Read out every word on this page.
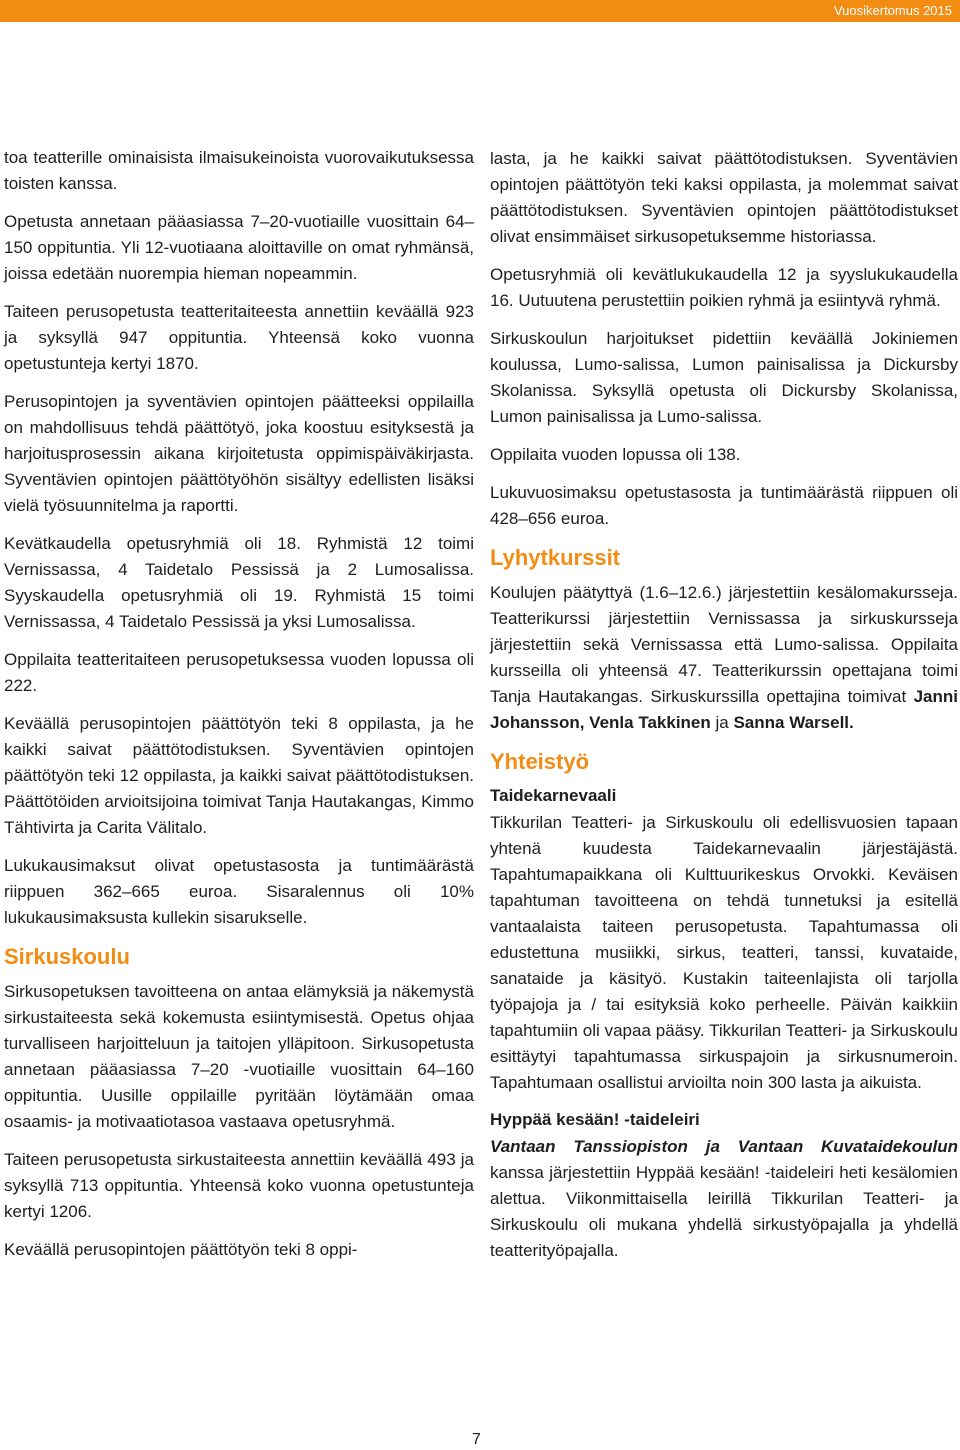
Vuosikertomus 2015

toa teatterille ominaisista ilmaisukeinoista vuorovaikutuksessa toisten kanssa.

Opetusta annetaan pääasiassa 7–20-vuotiaille vuosittain 64–150 oppituntia. Yli 12-vuotiaana aloittaville on omat ryhmänsä, joissa edetään nuorempia hieman nopeammin.

Taiteen perusopetusta teatteritaiteesta annettiin keväällä 923 ja syksyllä 947 oppituntia. Yhteensä koko vuonna opetustunteja kertyi 1870.

Perusopintojen ja syventävien opintojen päätteeksi oppilailla on mahdollisuus tehdä päättötyö, joka koostuu esityksestä ja harjoitusprosessin aikana kirjoitetusta oppimispäiväkirjasta. Syventävien opintojen päättötyöhön sisältyy edellisten lisäksi vielä työsuunnitelma ja raportti.

Kevätkaudella opetusryhmiä oli 18. Ryhmistä 12 toimi Vernissassa, 4 Taidetalo Pessissä ja 2 Lumosalissa. Syyskaudella opetusryhmiä oli 19. Ryhmistä 15 toimi Vernissassa, 4 Taidetalo Pessissä ja yksi Lumosalissa.

Oppilaita teatteritaiteen perusopetuksessa vuoden lopussa oli 222.

Keväällä perusopintojen päättötyön teki 8 oppilasta, ja he kaikki saivat päättötodistuksen. Syventävien opintojen päättötyön teki 12 oppilasta, ja kaikki saivat päättötodistuksen. Päättötöiden arvioitsijoina toimivat Tanja Hautakangas, Kimmo Tähtivirta ja Carita Välitalo.

Lukukausimaksut olivat opetustasosta ja tuntimäärästä riippuen 362–665 euroa. Sisaralennus oli 10% lukukausimaksusta kullekin sisarukselle.

Sirkuskoulu

Sirkusopetuksen tavoitteena on antaa elämyksiä ja näkemystä sirkustaiteesta sekä kokemusta esiintymisestä. Opetus ohjaa turvalliseen harjoitteluun ja taitojen ylläpitoon. Sirkusopetusta annetaan pääasiassa 7–20 -vuotiaille vuosittain 64–160 oppituntia. Uusille oppilaille pyritään löytämään omaa osaamis- ja motivaatiotasoa vastaava opetusryhmä.

Taiteen perusopetusta sirkustaiteesta annettiin keväällä 493 ja syksyllä 713 oppituntia. Yhteensä koko vuonna opetustunteja kertyi 1206.

Keväällä perusopintojen päättötyön teki 8 oppi-

lasta, ja he kaikki saivat päättötodistuksen. Syventävien opintojen päättötyön teki kaksi oppilasta, ja molemmat saivat päättötodistuksen. Syventävien opintojen päättötodistukset olivat ensimmäiset sirkusopetuksemme historiassa.

Opetusryhmiä oli kevätlukukaudella 12 ja syyslukukaudella 16. Uutuutena perustettiin poikien ryhmä ja esiintyvä ryhmä.

Sirkuskoulun harjoitukset pidettiin keväällä Jokiniemen koulussa, Lumo-salissa, Lumon painisalissa ja Dickursby Skolanissa. Syksyllä opetusta oli Dickursby Skolanissa, Lumon painisalissa ja Lumo-salissa.

Oppilaita vuoden lopussa oli 138.

Lukuvuosimaksu opetustasosta ja tuntimäärästä riippuen oli 428–656 euroa.

Lyhytkurssit

Koulujen päätyttyä (1.6–12.6.) järjestettiin kesälomakursseja. Teatterikurssi järjestettiin Vernissassa ja sirkuskursseja järjestettiin sekä Vernissassa että Lumo-salissa. Oppilaita kursseilla oli yhteensä 47. Teatterikurssin opettajana toimi Tanja Hautakangas. Sirkuskurssilla opettajina toimivat Janni Johansson, Venla Takkinen ja Sanna Warsell.

Yhteistyö
Taidekarnevaali

Tikkurilan Teatteri- ja Sirkuskoulu oli edellisvuosien tapaan yhtenä kuudesta Taidekarnevaalin järjestäjästä. Tapahtumapaikkana oli Kulttuurikeskus Orvokki. Keväisen tapahtuman tavoitteena on tehdä tunnetuksi ja esitellä vantaalaista taiteen perusopetusta. Tapahtumassa oli edustettuna musiikki, sirkus, teatteri, tanssi, kuvataide, sanataide ja käsityö. Kustakin taiteenlajista oli tarjolla työpajoja ja / tai esityksiä koko perheelle. Päivän kaikkiin tapahtumiin oli vapaa pääsy. Tikkurilan Teatteri- ja Sirkuskoulu esittäytyi tapahtumassa sirkuspajoin ja sirkusnumeroin. Tapahtumaan osallistui arvioilta noin 300 lasta ja aikuista.

Hyppää kesään! -taideleiri

Vantaan Tanssiopiston ja Vantaan Kuvataidekoulun kanssa järjestettiin Hyppää kesään! -taideleiri heti kesälomien alettua. Viikonmittaisella leirillä Tikkurilan Teatteri- ja Sirkuskoulu oli mukana yhdellä sirkustyöpajalla ja yhdellä teatterityöpajalla.

7
